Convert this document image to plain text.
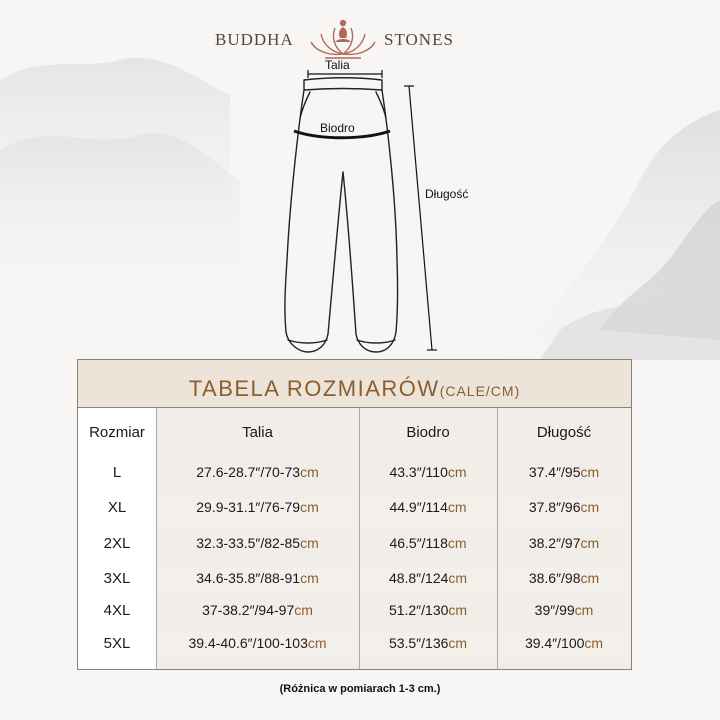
BUDDHA	STONES
Talia
Biodro
Długość
TABELA ROZMIARÓW(CALE/CM)
Rozmiar	Talia	Biodro	Długość
L	27.6-28.7″/70-73cm	43.3″/110cm	37.4″/95cm
XL	29.9-31.1″/76-79cm	44.9″/114cm	37.8″/96cm
2XL	32.3-33.5″/82-85cm	46.5″/118cm	38.2″/97cm
3XL	34.6-35.8″/88-91cm	48.8″/124cm	38.6″/98cm
4XL	37-38.2″/94-97cm	51.2″/130cm	39″/99cm
5XL	39.4-40.6″/100-103cm	53.5″/136cm	39.4″/100cm
(Różnica w pomiarach 1-3 cm.)
